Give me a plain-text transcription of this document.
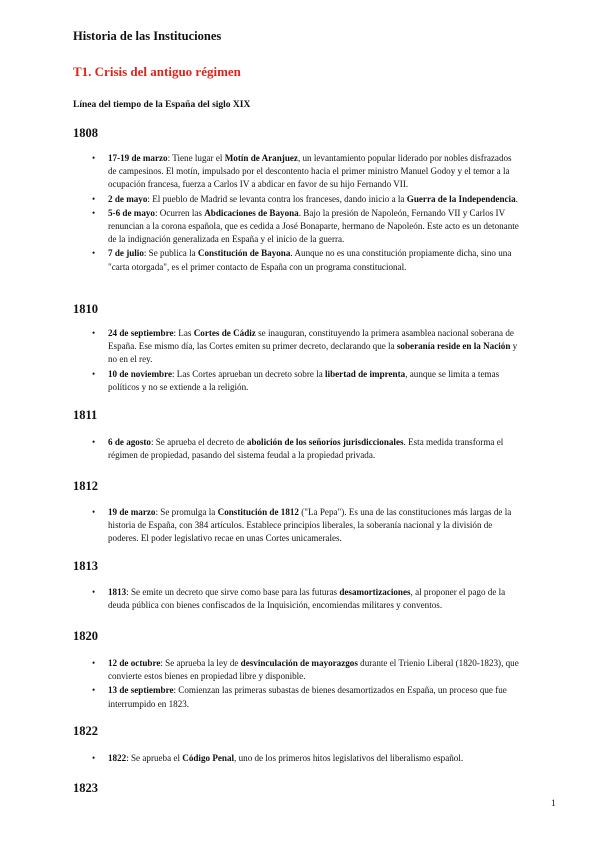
Historia de las Instituciones
T1. Crisis del antiguo régimen
Línea del tiempo de la España del siglo XIX
1808
• 17-19 de marzo: Tiene lugar el Motín de Aranjuez, un levantamiento popular liderado por nobles disfrazados de campesinos. El motín, impulsado por el descontento hacia el primer ministro Manuel Godoy y el temor a la ocupación francesa, fuerza a Carlos IV a abdicar en favor de su hijo Fernando VII.
• 2 de mayo: El pueblo de Madrid se levanta contra los franceses, dando inicio a la Guerra de la Independencia.
• 5-6 de mayo: Ocurren las Abdicaciones de Bayona. Bajo la presión de Napoleón, Fernando VII y Carlos IV renuncian a la corona española, que es cedida a José Bonaparte, hermano de Napoleón. Este acto es un detonante de la indignación generalizada en España y el inicio de la guerra.
• 7 de julio: Se publica la Constitución de Bayona. Aunque no es una constitución propiamente dicha, sino una "carta otorgada", es el primer contacto de España con un programa constitucional.
1810
• 24 de septiembre: Las Cortes de Cádiz se inauguran, constituyendo la primera asamblea nacional soberana de España. Ese mismo día, las Cortes emiten su primer decreto, declarando que la soberanía reside en la Nación y no en el rey.
• 10 de noviembre: Las Cortes aprueban un decreto sobre la libertad de imprenta, aunque se limita a temas políticos y no se extiende a la religión.
1811
• 6 de agosto: Se aprueba el decreto de abolición de los señoríos jurisdiccionales. Esta medida transforma el régimen de propiedad, pasando del sistema feudal a la propiedad privada.
1812
• 19 de marzo: Se promulga la Constitución de 1812 ("La Pepa"). Es una de las constituciones más largas de la historia de España, con 384 artículos. Establece principios liberales, la soberanía nacional y la división de poderes. El poder legislativo recae en unas Cortes unicamerales.
1813
• 1813: Se emite un decreto que sirve como base para las futuras desamortizaciones, al proponer el pago de la deuda pública con bienes confiscados de la Inquisición, encomiendas militares y conventos.
1820
• 12 de octubre: Se aprueba la ley de desvinculación de mayorazgos durante el Trienio Liberal (1820-1823), que convierte estos bienes en propiedad libre y disponible.
• 13 de septiembre: Comienzan las primeras subastas de bienes desamortizados en España, un proceso que fue interrumpido en 1823.
1822
• 1822: Se aprueba el Código Penal, uno de los primeros hitos legislativos del liberalismo español.
1823
1
